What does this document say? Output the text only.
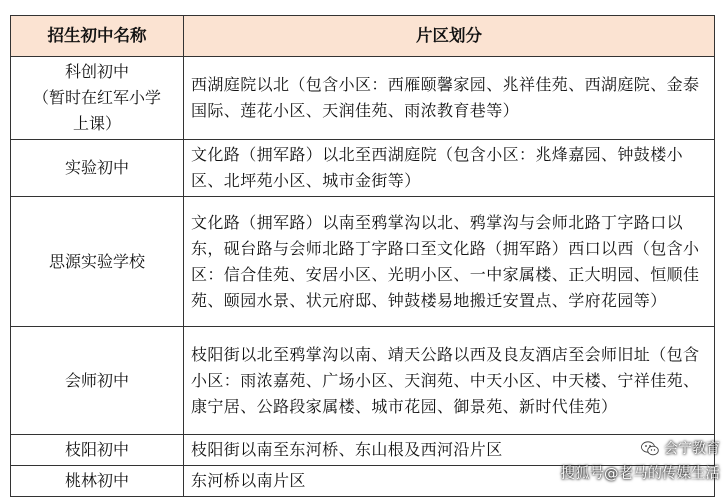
招生初中名称	片区划分

科创初中
（暂时在红军小学
上课）	西湖庭院以北（包含小区：西雁颐馨家园、兆祥佳苑、西湖庭院、金泰国际、莲花小区、天润佳苑、雨浓教育巷等）
实验初中	文化路（拥军路）以北至西湖庭院（包含小区：兆烽嘉园、钟鼓楼小区、北坪苑小区、城市金街等）
思源实验学校	文化路（拥军路）以南至鸦掌沟以北、鸦掌沟与会师北路丁字路口以东，砚台路与会师北路丁字路口至文化路（拥军路）西口以西（包含小区：信合佳苑、安居小区、光明小区、一中家属楼、正大明园、恒顺佳苑、颐园水景、状元府邸、钟鼓楼易地搬迁安置点、学府花园等）
会师初中	枝阳街以北至鸦掌沟以南、靖天公路以西及良友酒店至会师旧址（包含小区：雨浓嘉苑、广场小区、天润苑、中天小区、中天楼、宁祥佳苑、康宁居、公路段家属楼、城市花园、御景苑、新时代佳苑）
枝阳初中	枝阳街以南至东河桥、东山根及西河沿片区
桃林初中	东河桥以南片区
会宁教育
搜狐号@老马的传媒生活
